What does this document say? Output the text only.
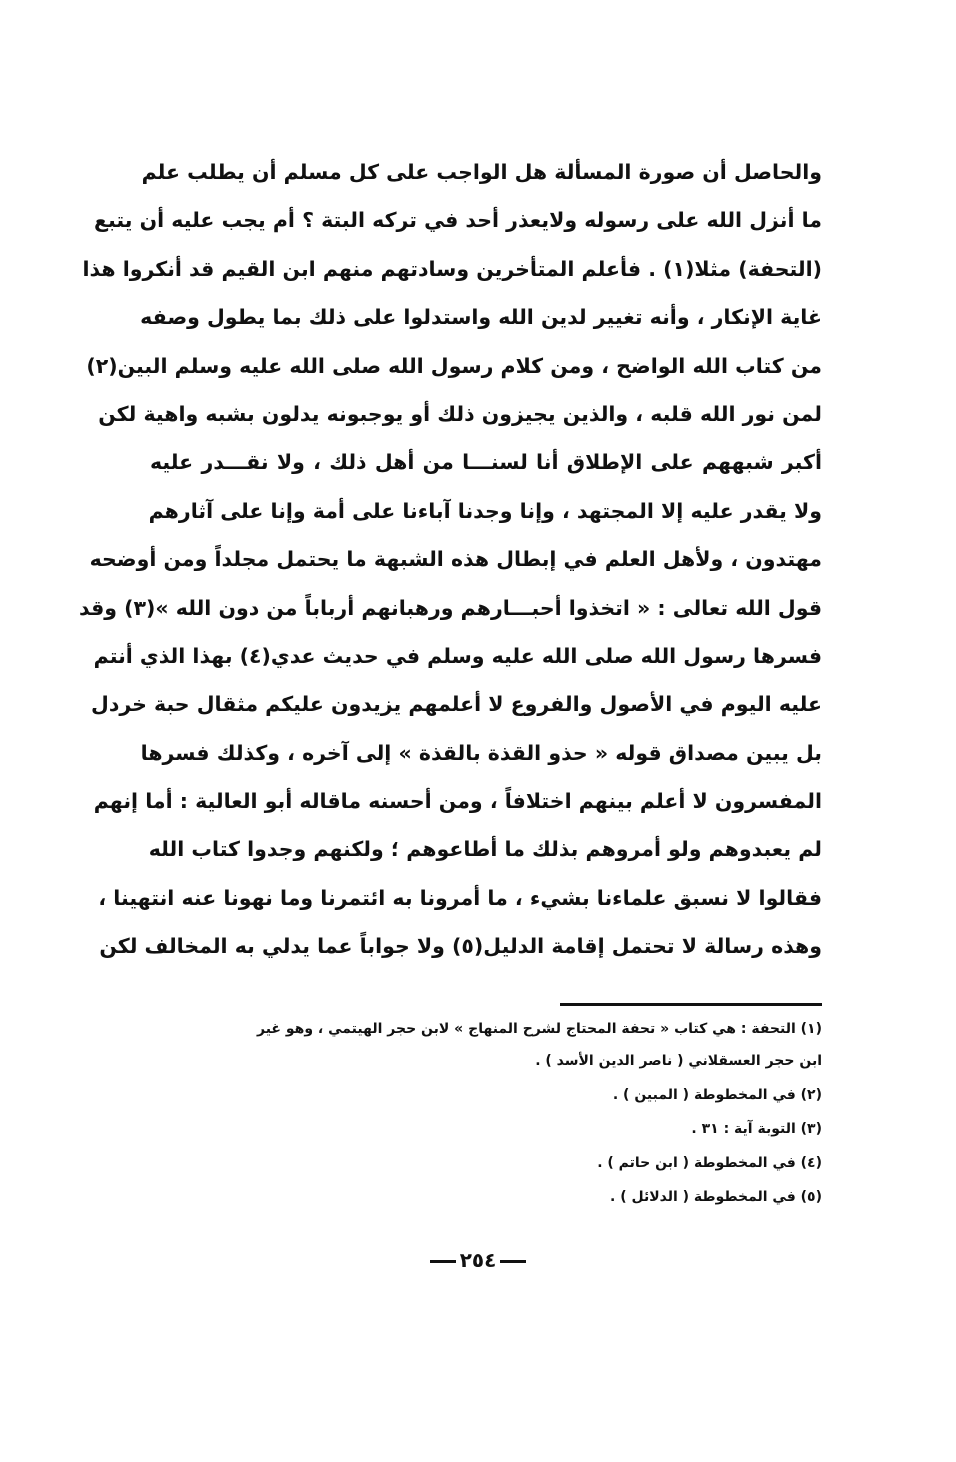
والحاصل أن صورة المسألة هل الواجب على كل مسلم أن يطلب علم
ما أنزل الله على رسوله ولايعذر أحد في تركه البتة ؟ أم يجب عليه أن يتبع
(التحفة) مثلا(١) . فأعلم المتأخرين وسادتهم منهم ابن القيم قد أنكروا هذا
غاية الإنكار ، وأنه تغيير لدين الله واستدلوا على ذلك بما يطول وصفه
من كتاب الله الواضح ، ومن كلام رسول الله صلى الله عليه وسلم البين(٢)
لمن نور الله قلبه ، والذين يجيزون ذلك أو يوجبونه يدلون بشبه واهية لكن
أكبر شبههم على الإطلاق أنا لسنـــا من أهل ذلك ، ولا نقـــدر عليه
ولا يقدر عليه إلا المجتهد ، وإنا وجدنا آباءنا على أمة وإنا على آثارهم
مهتدون ، ولأهل العلم في إبطال هذه الشبهة ما يحتمل مجلداً ومن أوضحه
قول الله تعالى : « اتخذوا أحبـــارهم ورهبانهم أرباباً من دون الله »(٣) وقد
فسرها رسول الله صلى الله عليه وسلم في حديث عدي(٤) بهذا الذي أنتم
عليه اليوم في الأصول والفروع لا أعلمهم يزيدون عليكم مثقال حبة خردل
بل يبين مصداق قوله « حذو القذة بالقذة » إلى آخره ، وكذلك فسرها
المفسرون لا أعلم بينهم اختلافاً ، ومن أحسنه ماقاله أبو العالية : أما إنهم
لم يعبدوهم ولو أمروهم بذلك ما أطاعوهم ؛ ولكنهم وجدوا كتاب الله
فقالوا لا نسبق علماءنا بشيء ، ما أمرونا به ائتمرنا وما نهونا عنه انتهينا ،
وهذه رسالة لا تحتمل إقامة الدليل(٥) ولا جواباً عما يدلي به المخالف لكن
(١) التحفة : هي كتاب « تحفة المحتاج لشرح المنهاج » لابن حجر الهيتمي ، وهو غير
ابن حجر العسقلاني ( ناصر الدين الأسد ) .
(٢) في المخطوطة ( المبين ) .
(٣) التوبة آية : ٣١ .
(٤) في المخطوطة ( ابن حاتم ) .
(٥) في المخطوطة ( الدلائل ) .
٢٥٤
